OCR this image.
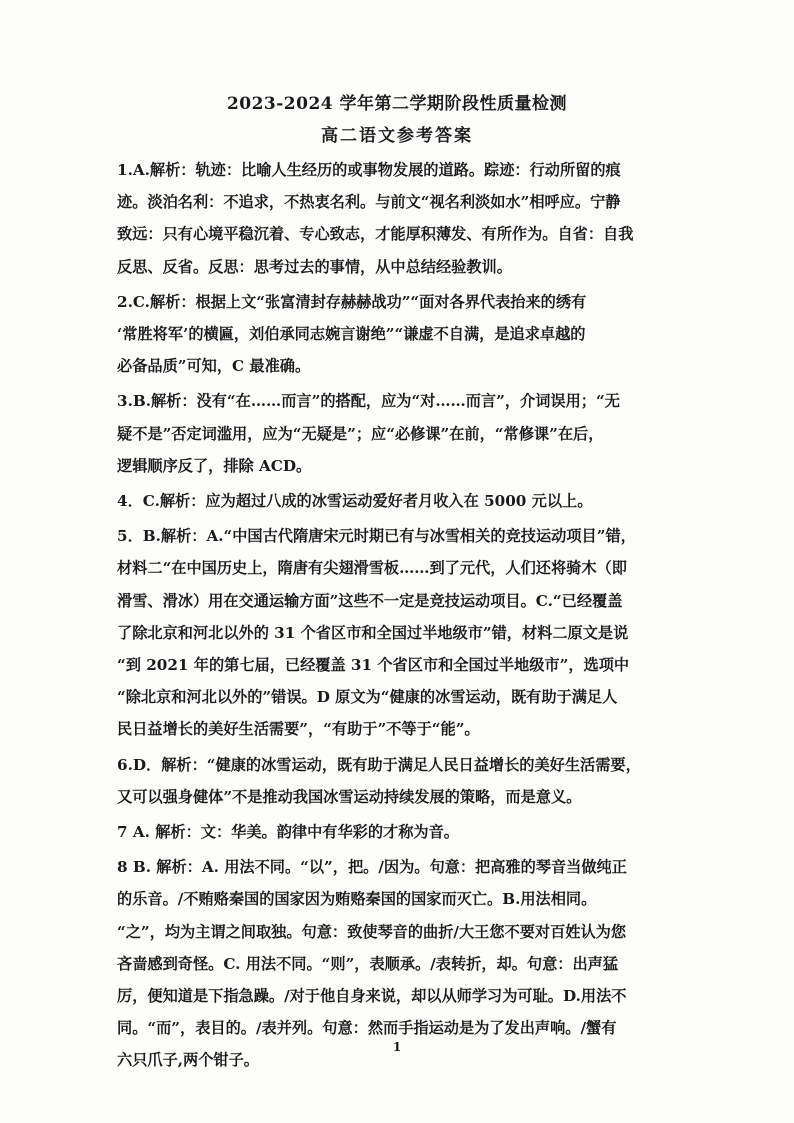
2023-2024 学年第二学期阶段性质量检测
高二语文参考答案
1.A.解析：轨迹：比喻人生经历的或事物发展的道路。踪迹：行动所留的痕
迹。淡泊名利：不追求，不热衷名利。与前文“视名利淡如水”相呼应。宁静
致远：只有心境平稳沉着、专心致志，才能厚积薄发、有所作为。自省：自我
反思、反省。反思：思考过去的事情，从中总结经验教训。
2.C.解析：根据上文“张富清封存赫赫战功”“面对各界代表抬来的绣有
‘常胜将军’的横匾，刘伯承同志婉言谢绝”“谦虚不自满，是追求卓越的
必备品质”可知，C 最准确。
3.B.解析：没有“在……而言”的搭配，应为“对……而言”，介词误用；“无
疑不是”否定词滥用，应为“无疑是”；应“必修课”在前，“常修课”在后，
逻辑顺序反了，排除 ACD。
4．C.解析：应为超过八成的冰雪运动爱好者月收入在 5000 元以上。
5．B.解析：A.“中国古代隋唐宋元时期已有与冰雪相关的竞技运动项目”错，
材料二“在中国历史上，隋唐有尖翅滑雪板……到了元代，人们还将骑木（即
滑雪、滑冰）用在交通运输方面”这些不一定是竞技运动项目。C.“已经覆盖
了除北京和河北以外的 31 个省区市和全国过半地级市”错，材料二原文是说
“到 2021 年的第七届，已经覆盖 31 个省区市和全国过半地级市”，选项中
“除北京和河北以外的”错误。D 原文为“健康的冰雪运动，既有助于满足人
民日益增长的美好生活需要”，“有助于”不等于“能”。
6.D．解析：“健康的冰雪运动，既有助于满足人民日益增长的美好生活需要，
又可以强身健体”不是推动我国冰雪运动持续发展的策略，而是意义。
7 A. 解析：文：华美。韵律中有华彩的才称为音。
8 B. 解析：A. 用法不同。“以”，把。/因为。句意：把高雅的琴音当做纯正
的乐音。/不贿赂秦国的国家因为贿赂秦国的国家而灭亡。B.用法相同。
“之”，均为主谓之间取独。句意：致使琴音的曲折/大王您不要对百姓认为您
吝啬感到奇怪。C. 用法不同。“则”，表顺承。/表转折，却。句意：出声猛
厉，便知道是下指急躁。/对于他自身来说，却以从师学习为可耻。D.用法不
同。“而”，表目的。/表并列。句意：然而手指运动是为了发出声响。/蟹有
六只爪子,两个钳子。
1
